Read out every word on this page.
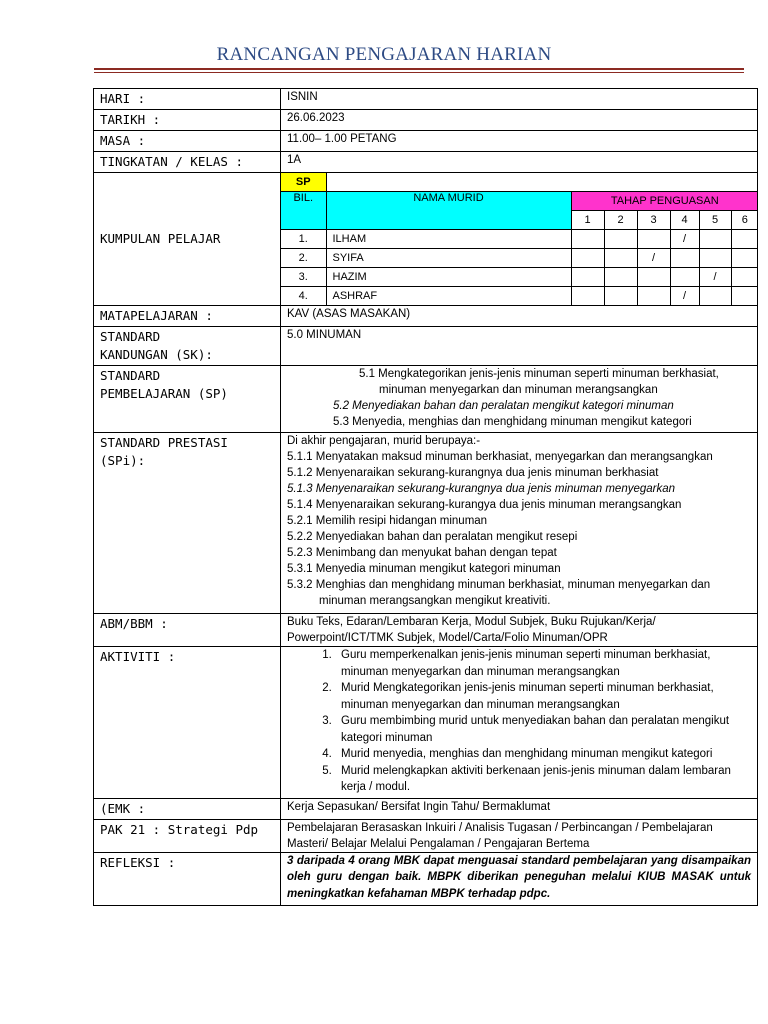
RANCANGAN PENGAJARAN HARIAN
HARI :	ISNIN
TARIKH :	26.06.2023
MASA :	11.00– 1.00 PETANG
TINGKATAN / KELAS :	1A
KUMPULAN PELAJAR	
SP	
BIL.	NAMA MURID	TAHAP PENGUASAN
1	2	3	4	5	6
1.	ILHAM				/		
2.	SYIFA			/			
3.	HAZIM					/	
4.	ASHRAF				/		

MATAPELAJARAN :	KAV (ASAS MASAKAN)

STANDARD
KANDUNGAN (SK):
	5.0 MINUMAN

STANDARD
PEMBELAJARAN (SP)

5.1 Mengkategorikan jenis-jenis minuman seperti minuman berkhasiat, minuman menyegarkan dan minuman merangsangkan
5.2 Menyediakan bahan dan peralatan mengikut kategori minuman
5.3 Menyedia, menghias dan menghidang minuman mengikut kategori

STANDARD PRESTASI
(SPi):

Di akhir pengajaran, murid berupaya:-
5.1.1 Menyatakan maksud minuman berkhasiat, menyegarkan dan merangsangkan
5.1.2 Menyenaraikan sekurang-kurangnya dua jenis minuman berkhasiat
5.1.3 Menyenaraikan sekurang-kurangnya dua jenis minuman menyegarkan
5.1.4 Menyenaraikan sekurang-kurangya dua jenis minuman merangsangkan
5.2.1 Memilih resipi hidangan minuman
5.2.2 Menyediakan bahan dan peralatan mengikut resepi
5.2.3 Menimbang dan menyukat bahan dengan tepat
5.3.1 Menyedia minuman mengikut kategori minuman
5.3.2 Menghias dan menghidang minuman berkhasiat, minuman menyegarkan dan minuman merangsangkan mengikut kreativiti.

ABM/BBM :	Buku Teks, Edaran/Lembaran Kerja, Modul Subjek, Buku Rujukan/Kerja/ Powerpoint/ICT/TMK Subjek, Model/Carta/Folio Minuman/OPR
AKTIVITI :	
1.Guru memperkenalkan jenis-jenis minuman seperti minuman berkhasiat, minuman menyegarkan dan minuman merangsangkan
2. Murid Mengkategorikan jenis-jenis minuman seperti minuman berkhasiat, minuman menyegarkan dan minuman merangsangkan
3. Guru membimbing murid untuk menyediakan bahan dan peralatan mengikut kategori minuman
4. Murid menyedia, menghias dan menghidang minuman mengikut kategori
5. Murid melengkapkan aktiviti berkenaan jenis-jenis minuman dalam lembaran kerja / modul.

(EMK :	Kerja Sepasukan/ Bersifat Ingin Tahu/ Bermaklumat
PAK 21 : Strategi Pdp	Pembelajaran Berasaskan Inkuiri / Analisis Tugasan / Perbincangan / Pembelajaran Masteri/ Belajar Melalui Pengalaman / Pengajaran Bertema
REFLEKSI :	3 daripada 4 orang MBK dapat menguasai standard pembelajaran yang disampaikan oleh guru dengan baik. MBPK diberikan peneguhan melalui KIUB MASAK untuk meningkatkan kefahaman MBPK terhadap pdpc.
